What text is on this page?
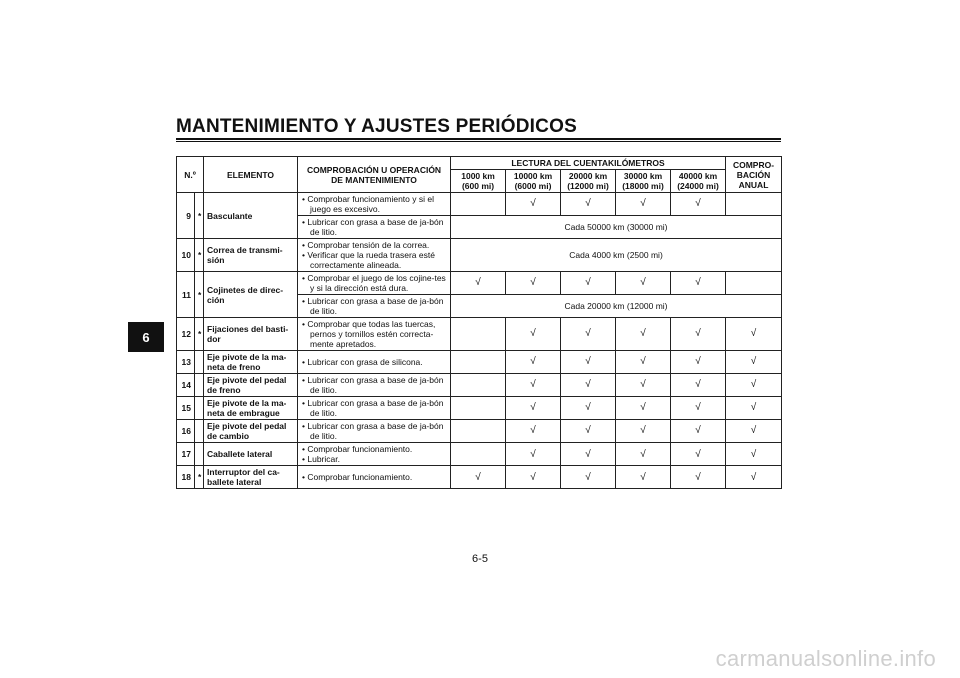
MANTENIMIENTO Y AJUSTES PERIÓDICOS
6
N.º		ELEMENTO	COMPROBACIÓN U OPERACIÓN DE MANTENIMIENTO	LECTURA DEL CUENTAKILÓMETROS					COMPRO-BACIÓN ANUAL
				1000 km (600 mi)	10000 km (6000 mi)	20000 km (12000 mi)	30000 km (18000 mi)	40000 km (24000 mi)	
9	*	Basculante	• Comprobar funcionamiento y si el juego es excesivo.		√	√	√	√	

			• Lubricar con grasa a base de ja-bón de litio.	Cada 50000 km (30000 mi)					
10	*	Correa de transmi-sión	• Comprobar tensión de la correa.
• Verificar que la rueda trasera esté correctamente alineada.	Cada 4000 km (2500 mi)					
11	*	Cojinetes de direc-ción	• Comprobar el juego de los cojine-tes y si la dirección está dura.	√	√	√	√	√	

			• Lubricar con grasa a base de ja-bón de litio.	Cada 20000 km (12000 mi)					
12	*	Fijaciones del basti-dor	• Comprobar que todas las tuercas, pernos y tornillos estén correcta-mente apretados.		√	√	√	√	√
13		Eje pivote de la ma-neta de freno	• Lubricar con grasa de silicona.		√	√	√	√	√
14		Eje pivote del pedal de freno	• Lubricar con grasa a base de ja-bón de litio.		√	√	√	√	√
15		Eje pivote de la ma-neta de embrague	• Lubricar con grasa a base de ja-bón de litio.		√	√	√	√	√
16		Eje pivote del pedal de cambio	• Lubricar con grasa a base de ja-bón de litio.		√	√	√	√	√
17		Caballete lateral	• Comprobar funcionamiento.
• Lubricar.		√	√	√	√	√
18	*	Interruptor del ca-ballete lateral	• Comprobar funcionamiento.	√	√	√	√	√	√
6-5
carmanualsonline.info
